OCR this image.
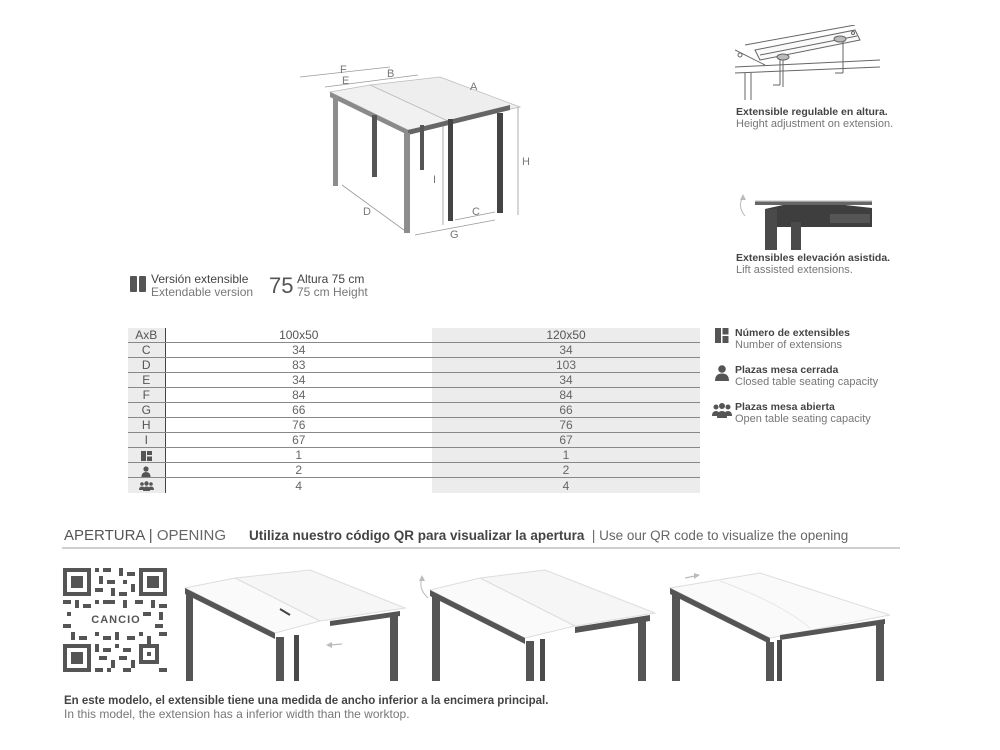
F
E
B
A
H
I
D	C
G
Versión extensible
Extendable version 75 Altura 75 cm
75 cm Height
AxB	100x50	120x50
C	34	34
D	83	103
E	34	34
F	84	84
G	66	66
H	76	76
I	67	67
	1	1
	2	2
	4	4
Número de extensibles
Number of extensions
Plazas mesa cerrada
Closed table seating capacity
Plazas mesa abierta
Open table seating capacity
Extensible regulable en altura.
Height adjustment on extension.
Extensibles elevación asistida.
Lift assisted extensions.
APERTURA | OPENING Utiliza nuestro código QR para visualizar la apertura | Use our QR code to visualize the opening
CANCIO
En este modelo, el extensible tiene una medida de ancho inferior a la encimera principal.
In this model, the extension has a inferior width than the worktop.
